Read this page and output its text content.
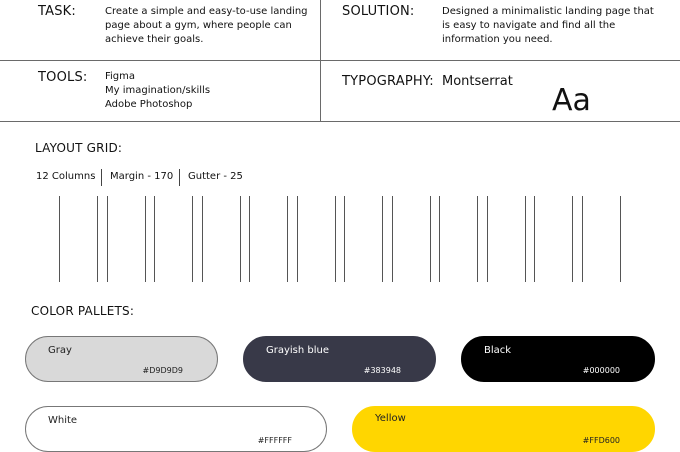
TASK:	Create a simple and easy-to-use landing
page about a gym, where people can
achieve their goals.
SOLUTION:	Designed a minimalistic landing page that
is easy to navigate and find all the
information you need.
TOOLS: Figma
My imagination/skills
Adobe Photoshop
TYPOGRAPHY: Montserrat
Aa
LAYOUT GRID:
12 Columns Margin - 170 Gutter - 25
COLOR PALLETS:
Gray
#D9D9D9
Grayish blue
#383948
Black
#000000
White
#FFFFFF
Yellow
#FFD600
